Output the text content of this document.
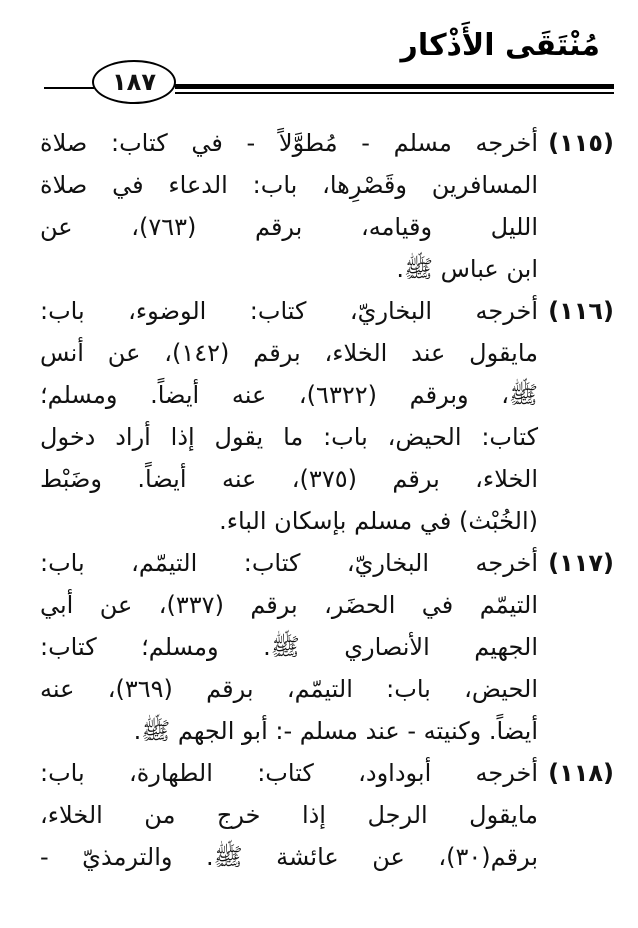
مُنْتَقَى الأَذْكار
١٨٧
(١١٥)
أخرجه مسلم - مُطوَّلاً - في كتاب: صلاة
المسافرين وقَصْرِها، باب: الدعاء في صلاة
الليل وقيامه، برقم (٧٦٣)، عن
ابن عباس ﷺ.
(١١٦)
أخرجه البخاريّ، كتاب: الوضوء، باب:
مايقول عند الخلاء، برقم (١٤٢)، عن أنس
ﷺ، وبرقم (٦٣٢٢)، عنه أيضاً. ومسلم؛
كتاب: الحيض، باب: ما يقول إذا أراد دخول
الخلاء، برقم (٣٧٥)، عنه أيضاً. وضَبْط
(الخُبْث) في مسلم بإسكان الباء.
(١١٧)
أخرجه البخاريّ، كتاب: التيمّم، باب:
التيمّم في الحضَر، برقم (٣٣٧)، عن أبي
الجهيم الأنصاري ﷺ. ومسلم؛ كتاب:
الحيض، باب: التيمّم، برقم (٣٦٩)، عنه
أيضاً. وكنيته - عند مسلم -: أبو الجهم ﷺ.
(١١٨)
أخرجه أبوداود، كتاب: الطهارة، باب:
مايقول الرجل إذا خرج من الخلاء،
برقم(٣٠)، عن عائشة ﷺ. والترمذيّ -
